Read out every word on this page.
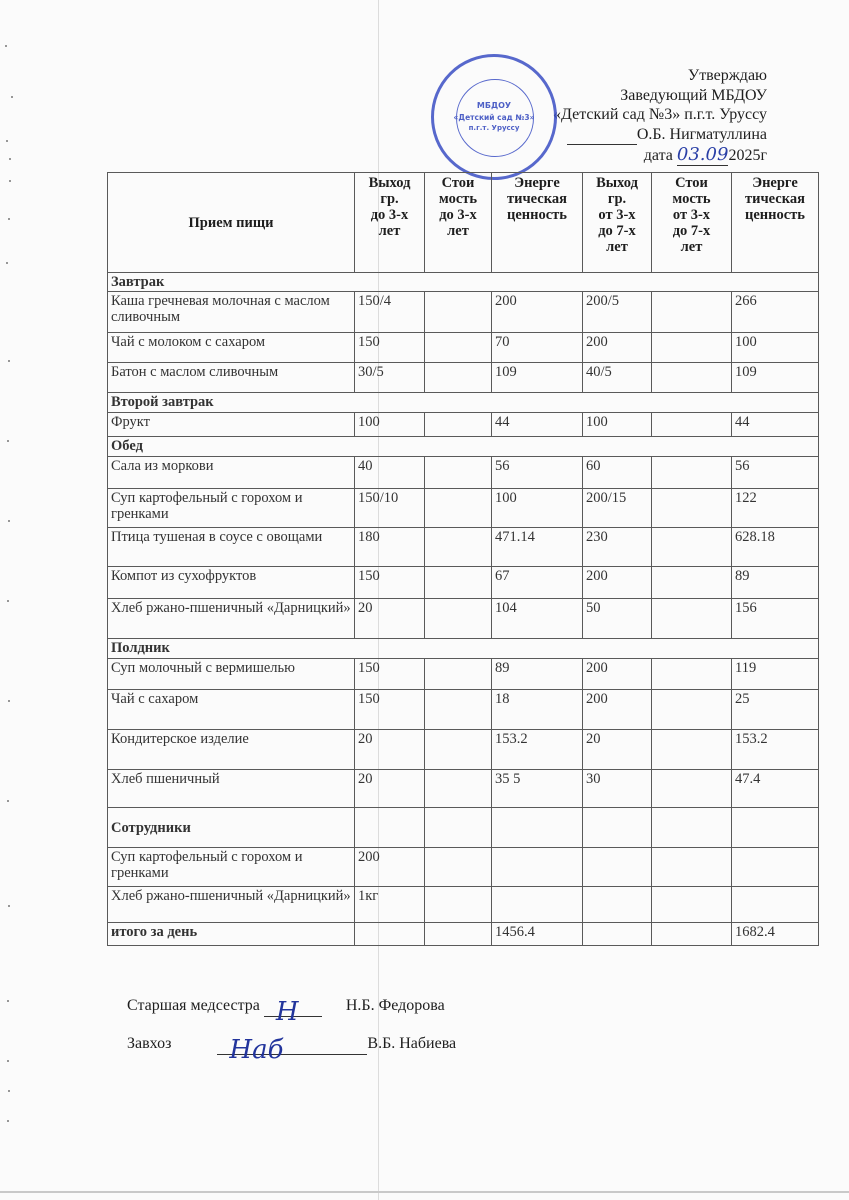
Утверждаю
Заведующий МБДОУ
«Детский сад №3» п.г.т. Уруссу
О.Б. Нигматуллина
дата 03.092025г
МБДОУ
«Детский сад №3»
п.г.т. Уруссу
Прием пищи	Выход
гр.
до 3-х
лет	Стои
мость
до 3-х
лет	Энерге
тическая
ценность	Выход
гр.
от 3-х
до 7-х
лет	Стои
мость
от 3-х
до 7-х
лет	Энерге
тическая
ценность
Завтрак						
Каша гречневая молочная с маслом сливочным	150/4		200	200/5		266
Чай с молоком с сахаром	150		70	200		100
Батон с маслом сливочным	30/5		109	40/5		109
Второй завтрак						
Фрукт	100		44	100		44
Обед						
Сала из моркови	40		56	60		56
Суп картофельный с горохом и гренками	150/10		100	200/15		122
Птица тушеная в соусе с овощами	180		471.14	230		628.18
Компот из сухофруктов	150		67	200		89
Хлеб ржано-пшеничный «Дарницкий»	20		104	50		156
Полдник						
Суп молочный с вермишелью	150		89	200		119
Чай с сахаром	150		18	200		25
Кондитерское изделие	20		153.2	20		153.2
Хлеб пшеничный	20		35 5	30		47.4
Сотрудники						
Суп картофельный с горохом и гренками	200					
Хлеб ржано-пшеничный «Дарницкий»	1кг					
итого за день			1456.4			1682.4
Старшая медсестра Н	Н.Б. Федорова
Завхоз Наб	В.Б. Набиева
